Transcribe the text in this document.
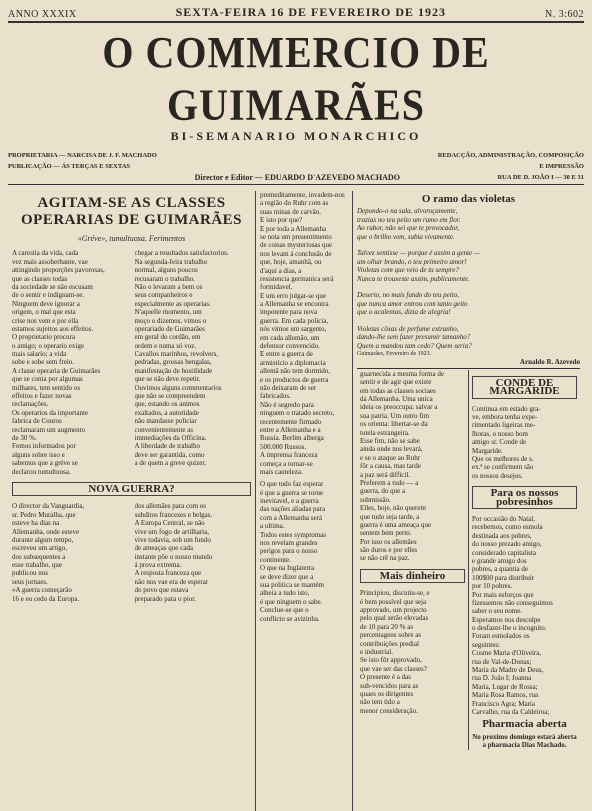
ANNO XXXIX	SEXTA-FEIRA 16 DE FEVEREIRO DE 1923	N. 3:602
O COMMERCIO DE GUIMARÃES
BI-SEMANARIO MONARCHICO
PROPRIETARIA — NARCISA DE J. F. MACHADO
PUBLICAÇÃO — ÁS TERÇAS E SEXTAS
Director e Editor — EDUARDO D'AZEVEDO MACHADO
REDACÇÃO, ADMINISTRAÇÃO, COMPOSIÇÃO
E IMPRESSÃO
RUA DE D. JOÃO I — 30 E 31
AGITAM-SE AS CLASSES OPERARIAS DE GUIMARÃES
«Gréve», tumultuosa. Ferimentos
A carestia da vida, cada
vez mais assoberbante, vae
attingindo proporções pavorosas,
que as classes todas
da sociedade se não escusam
de o sentir e indignam-se.
Ninguem deve ignorar a
origem, o mal que esta
crise nos vem e por ella
estamos sujeitos aos effeitos.
O proprietario procura
o amigo; o operario exige
mais salario; a vida
sobe e sobe sem freio.
A classe operaria de Guimarães
que se conta por algumas
milhares, tem sentido os
effeitos e fazer novas
reclamações.
Os operarios da importante
fabrica de Couros
reclamaram um augmento
de 30 %.
Fomos informados por
alguns sobre isso e
sabemos que a gréve se
declarou tumultuosa.
chegar a resultados satisfactorios.
Na segunda-feira trabalho
normal, alguns poucos
recusaram o trabalho.
Não o levaram a bem os
seus companheiros e
especialmente as operarias.
N'aquelle momento, um
moço o dizemos, vimos o
operariado de Guimarães
em geral do cordão, em
ordem e numa só voz.
Cavallos marinhos, revolvers,
pedradas, grossas bengalas,
manifestação de hostilidade
que se não deve repetir.
Ouvimos alguns commentarios
que não se compreendem
que, estando os animos
exaltados, a autoridade
não mandasse policiar
convenientemente as
immediações da Officina.
A liberdade de trabalho
deve ser garantida, como
a de quem a greve quizer.
NOVA GUERRA?
O director da Vanguardia,
sr. Pedro Muralha, que
esteve ha dias na
Allemanha, onde esteve
durante algum tempo,
escreveu um artigo,
dos subsequentes a
esse trabalho, que
publicou nos
seus jornaes.
«A guerra começarão
16 e eu cedo da Europa.
dos allemães para com os
subditos francezes e belgas.
A Europa Central, se não
vive um fogo de artilharia,
vive todavia, sob um fundo
de ameaças que cada
instante põe o nosso mundo
á prova extrema.
A resposta franceza que
não nos vae era de esperar
do povo que estava
preparado para o pior.
premeditamente, invadem-nos
a região do Ruhr com as
suas minas de carvão.
E isto por que?
E por toda a Allemanha
se nota um presentimento
de coisas mysteriosas que
nos levam á conclusão de
que, hoje, amanhã, ou
d'aqui a dias, a
resistencia germanica será
formidavel.
E um erro julgar-se que
a Allemanha se encontra
impotente para nova
guerra. Em cada policia,
nós vimos um sargento,
em cada allemão, um
defensor convencido.
E entre a guerra de
armistício a diplomacia
allemã não tem dormido,
e os productos de guerra
não deixaram de ser
fabricados.
Não é segredo para
ninguem o tratado secreto,
recentemente firmado
entre a Allemanha e a
Russia. Berlim alberga
500.000 Russos.
A imprensa franceza
começa a tornar-se
mais cauteleza.
O que tudo faz esperar
é que a guerra se torne
inevitavel, e a guerra
das nações aliadas para
com a Allemanha será
a ultima.
Todos estes symptomas
nos revelam grandes
perigos para o nosso
continente.
O que na Inglaterra
se deve dizer que a
sua politica se mantém
alheia a tudo isto,
é que ninguem o sabe.
Conclue-se que o
conflicto se avizinha.
O ramo das violetas
Depondo-o na sala, alvoroçamente,
trazias no teu peito um ramo em flor.
Ao rubor, não sei que te provocador,
que o brilho vem, subia vivamente.

Talvez sentisse — porque é assim a gente —
um olhar brando, o teu primeiro amor!
Violetas com que veio de tu sempre?
Nunca te trouxeste assim, publicamente.

Deserto, no mais fundo do teu peito,
que nunca amor entrou com tanto geito
que o acalentas, dizia de alegria!

Violetas côxas de perfume extranho,
dando-lhe sem fazer presumir tamanho?
Quem a mandou tam cedo? Quem seria?
Guimarães, Fevereiro de 1923.
Arnaldo R. Azevedo
guarnecida a mesma forma de
sentir e de agir que existe
em todas as classes sociaes
da Allemanha. Uma unica
ideia os preoccupa: salvar a
sua patria. Um outro fim
os orienta: libertar-se da
tutela estrangeira.
Esse fim, não se sabe
ainda onde nos levará,
e se o ataque ao Ruhr
fôr a causa, mas tarde
a paz será difficil.
Preferem a tudo — a
guerra, do que a
submissão.
Elles, hoje, não querem
que tudo seja tarde, a
guerra é uma ameaça que
sentem bem perto.
Por isso os allemães
são duros e por elles
se não crê na paz.
Mais dinheiro
Principiou, discutiu-se, e
é bem possível que seja
approvado, um projecto
pelo qual serão elevadas
de 10 para 20 % as
percentagens sobre as
contribuições predial
e industrial.
Se isto fôr approvado,
que vae ser das classes?
O presente é a das
sub-vencidos para as
quaes os dirigentes
não tem tido a
menor consideração.
CONDE DE MARGARIDE
Continua em estado gra-
ve, embora tenha expe-
rimentado ligeiras me-
lhoras, o nosso bom
amigo sr. Conde de
Margaride.
Que os melhores de s.
ex.ª se confirmem são
os nossos desejos.
Para os nossos pobresinhos
Por occasião do Natal,
recebemos, como esmola
destinada aos pobres,
do nosso prezado amigo,
considerado capitalista
e grande amigo dos
pobres, a quantia de
100$00 para distribuir
por 10 pobres.
Por mais esforços que
fizessemos não conseguimos
saber o seu nome.
Esperamos nos desculpe
o desfazer-lhe o incognito.
Foram esmolados os
seguintes:
Cosme Maria d'Oliveira,
rua de Val-de-Donas;
Maria da Madre de Deus,
rua D. João I; Joanna
Maria, Lugar de Rossa;
Maria Rosa Ramos, rua
Francisco Agra; Maria
Carvalho, rua da Caldeiroa;
Pharmacia aberta
No proximo domingo estará aberta a pharmacia Dias Machado.
